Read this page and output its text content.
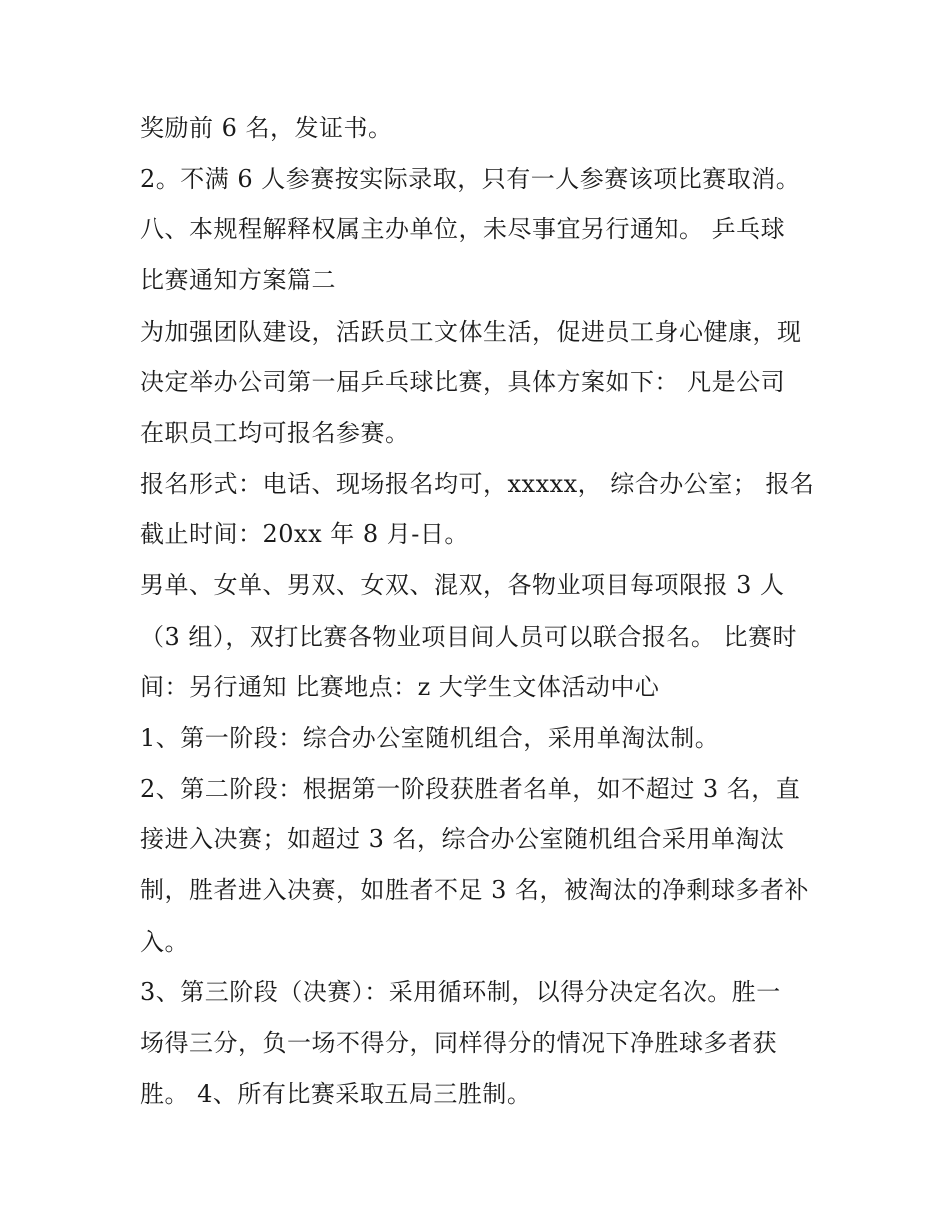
奖励前 6 名，发证书。
2。不满 6 人参赛按实际录取，只有一人参赛该项比赛取消。
八、本规程解释权属主办单位，未尽事宜另行通知。 乒乓球
比赛通知方案篇二
为加强团队建设，活跃员工文体生活，促进员工身心健康，现
决定举办公司第一届乒乓球比赛，具体方案如下： 凡是公司
在职员工均可报名参赛。
报名形式：电话、现场报名均可，xxxxx， 综合办公室； 报名
截止时间：20xx 年 8 月-日。
男单、女单、男双、女双、混双，各物业项目每项限报 3 人
（3 组），双打比赛各物业项目间人员可以联合报名。 比赛时
间：另行通知 比赛地点：z 大学生文体活动中心
1、第一阶段：综合办公室随机组合，采用单淘汰制。
2、第二阶段：根据第一阶段获胜者名单，如不超过 3 名，直
接进入决赛；如超过 3 名，综合办公室随机组合采用单淘汰
制，胜者进入决赛，如胜者不足 3 名，被淘汰的净剩球多者补
入。
3、第三阶段（决赛）：采用循环制，以得分决定名次。胜一
场得三分，负一场不得分，同样得分的情况下净胜球多者获
胜。 4、所有比赛采取五局三胜制。
